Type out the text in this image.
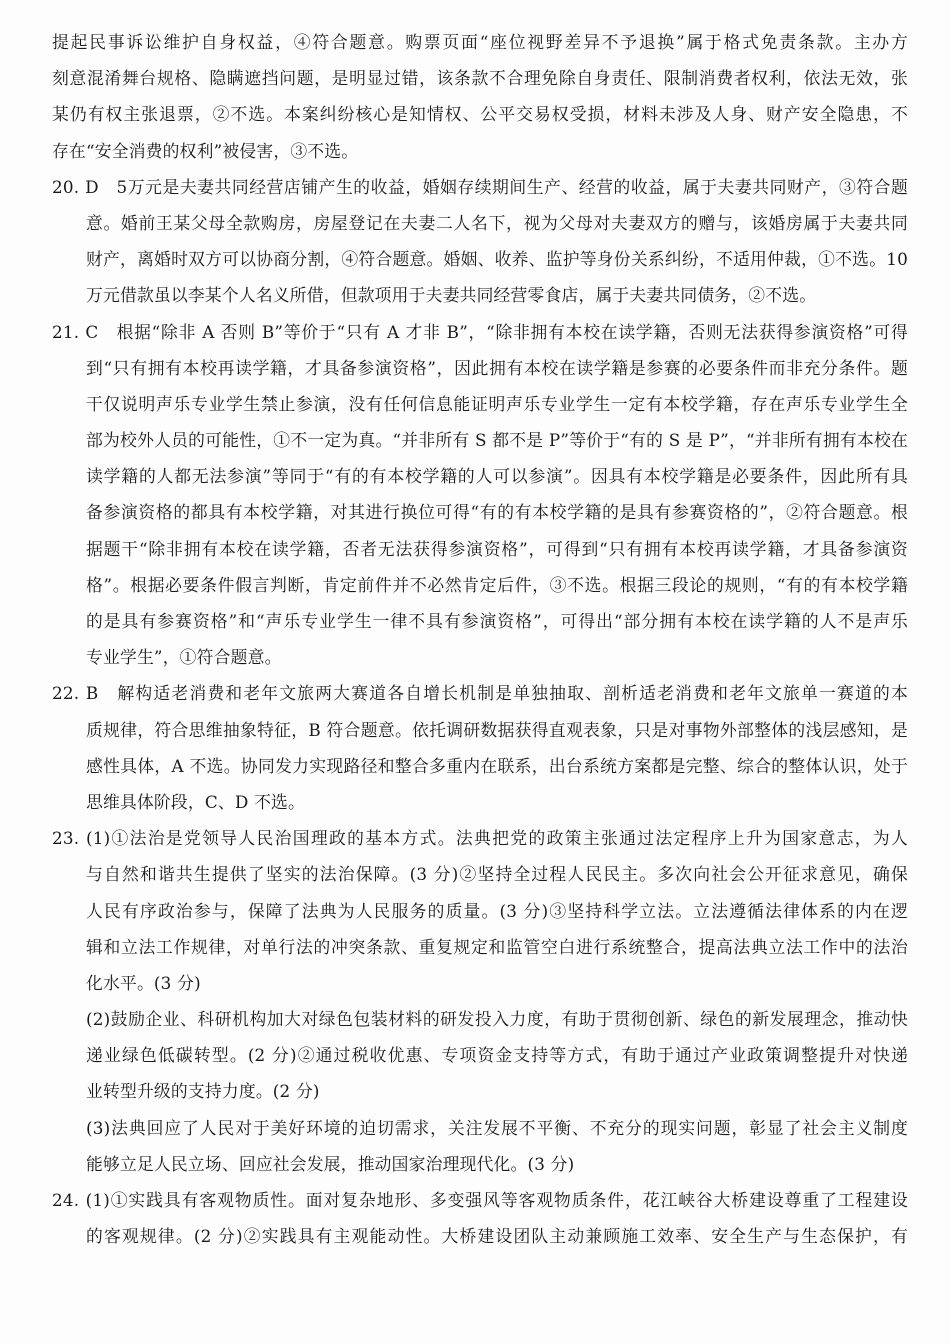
提起民事诉讼维护自身权益，④符合题意。购票页面“座位视野差异不予退换”属于格式免责条款。主办方
刻意混淆舞台规格、隐瞒遮挡问题，是明显过错，该条款不合理免除自身责任、限制消费者权利，依法无效，张
某仍有权主张退票，②不选。本案纠纷核心是知情权、公平交易权受损，材料未涉及人身、财产安全隐患，不
存在“安全消费的权利”被侵害，③不选。
20. D　5万元是夫妻共同经营店铺产生的收益，婚姻存续期间生产、经营的收益，属于夫妻共同财产，③符合题
意。婚前王某父母全款购房，房屋登记在夫妻二人名下，视为父母对夫妻双方的赠与，该婚房属于夫妻共同
财产，离婚时双方可以协商分割，④符合题意。婚姻、收养、监护等身份关系纠纷，不适用仲裁，①不选。10
万元借款虽以李某个人名义所借，但款项用于夫妻共同经营零食店，属于夫妻共同债务，②不选。
21. C　根据“除非 A 否则 B”等价于“只有 A 才非 B”，“除非拥有本校在读学籍，否则无法获得参演资格”可得
到“只有拥有本校再读学籍，才具备参演资格”，因此拥有本校在读学籍是参赛的必要条件而非充分条件。题
干仅说明声乐专业学生禁止参演，没有任何信息能证明声乐专业学生一定有本校学籍，存在声乐专业学生全
部为校外人员的可能性，①不一定为真。“并非所有 S 都不是 P”等价于“有的 S 是 P”，“并非所有拥有本校在
读学籍的人都无法参演”等同于“有的有本校学籍的人可以参演”。因具有本校学籍是必要条件，因此所有具
备参演资格的都具有本校学籍，对其进行换位可得“有的有本校学籍的是具有参赛资格的”，②符合题意。根
据题干“除非拥有本校在读学籍，否者无法获得参演资格”，可得到“只有拥有本校再读学籍，才具备参演资
格”。根据必要条件假言判断，肯定前件并不必然肯定后件，③不选。根据三段论的规则，“有的有本校学籍
的是具有参赛资格”和“声乐专业学生一律不具有参演资格”，可得出“部分拥有本校在读学籍的人不是声乐
专业学生”，①符合题意。
22. B　解构适老消费和老年文旅两大赛道各自增长机制是单独抽取、剖析适老消费和老年文旅单一赛道的本
质规律，符合思维抽象特征，B 符合题意。依托调研数据获得直观表象，只是对事物外部整体的浅层感知，是
感性具体，A 不选。协同发力实现路径和整合多重内在联系，出台系统方案都是完整、综合的整体认识，处于
思维具体阶段，C、D 不选。
23. (1)①法治是党领导人民治国理政的基本方式。法典把党的政策主张通过法定程序上升为国家意志，为人
与自然和谐共生提供了坚实的法治保障。(3 分)②坚持全过程人民民主。多次向社会公开征求意见，确保
人民有序政治参与，保障了法典为人民服务的质量。(3 分)③坚持科学立法。立法遵循法律体系的内在逻
辑和立法工作规律，对单行法的冲突条款、重复规定和监管空白进行系统整合，提高法典立法工作中的法治
化水平。(3 分)
(2)鼓励企业、科研机构加大对绿色包装材料的研发投入力度，有助于贯彻创新、绿色的新发展理念，推动快
递业绿色低碳转型。(2 分)②通过税收优惠、专项资金支持等方式，有助于通过产业政策调整提升对快递
业转型升级的支持力度。(2 分)
(3)法典回应了人民对于美好环境的迫切需求，关注发展不平衡、不充分的现实问题，彰显了社会主义制度
能够立足人民立场、回应社会发展，推动国家治理现代化。(3 分)
24. (1)①实践具有客观物质性。面对复杂地形、多变强风等客观物质条件，花江峡谷大桥建设尊重了工程建设
的客观规律。(2 分)②实践具有主观能动性。大桥建设团队主动兼顾施工效率、安全生产与生态保护，有
